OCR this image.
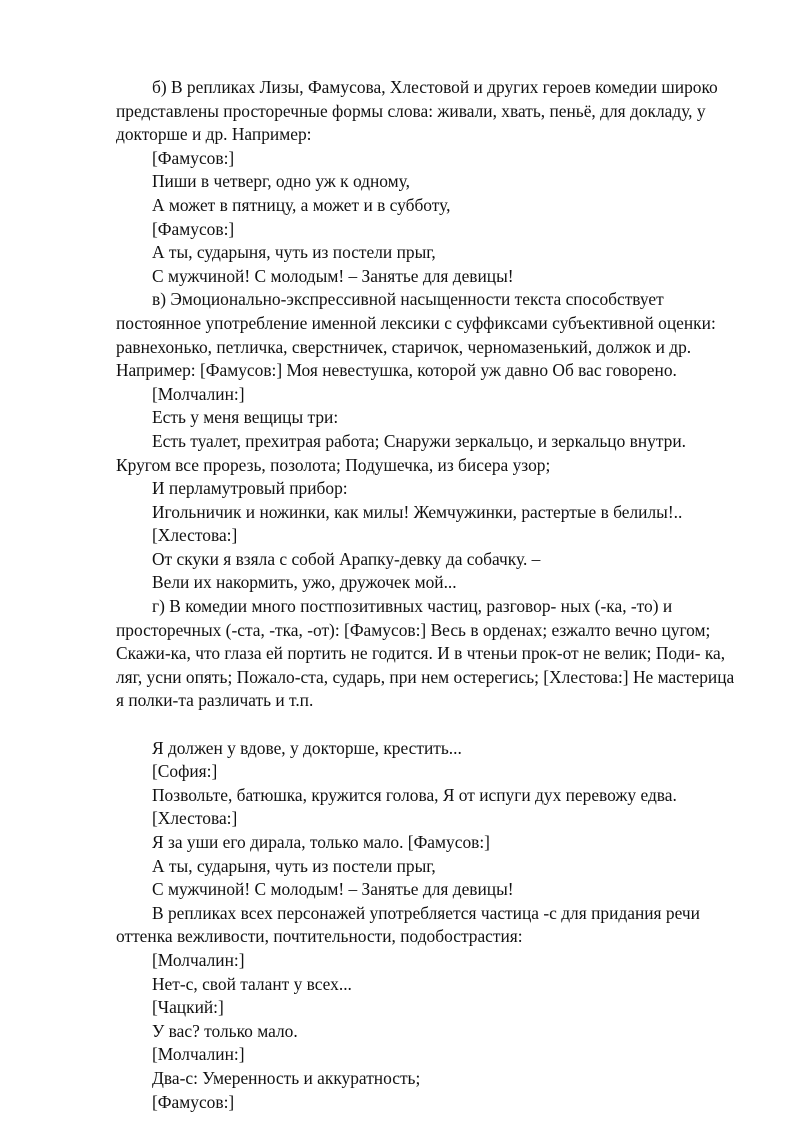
б) В репликах Лизы, Фамусова, Хлестовой и других героев комедии широко представлены просторечные формы слова: живали, хвать, пеньё, для докладу, у докторше и др. Например:

[Фамусов:]

Пиши в четверг, одно уж к одному,

А может в пятницу, а может и в субботу,

[Фамусов:]

А ты, сударыня, чуть из постели прыг,

С мужчиной! С молодым! – Занятье для девицы!

в) Эмоционально-экспрессивной насыщенности текста способствует постоянное употребление именной лексики с суффиксами субъективной оценки: равнехонько, петличка, сверстничек, старичок, черномазенький, должок и др. Например: [Фамусов:] Моя невестушка, которой уж давно Об вас говорено.

[Молчалин:]

Есть у меня вещицы три:

Есть туалет, прехитрая работа; Снаружи зеркальцо, и зеркальцо внутри. Кругом все прорезь, позолота; Подушечка, из бисера узор;

И перламутровый прибор:

Игольничик и ножинки, как милы! Жемчужинки, растертые в белилы!..

[Хлестова:]

От скуки я взяла с собой Арапку-девку да собачку. –

Вели их накормить, ужо, дружочек мой...

г) В комедии много постпозитивных частиц, разговор- ных (-ка, -то) и просторечных (-ста, -тка, -от): [Фамусов:] Весь в орденах; езжалто вечно цугом; Скажи-ка, что глаза ей портить не годится. И в чтеньи прок-от не велик; Поди- ка, ляг, усни опять; Пожало-ста, сударь, при нем остерегись; [Хлестова:] Не мастерица я полки-та различать и т.п.

Я должен у вдове, у докторше, крестить...

[София:]

Позвольте, батюшка, кружится голова, Я от испуги дух перевожу едва.

[Хлестова:]

Я за уши его дирала, только мало. [Фамусов:]

А ты, сударыня, чуть из постели прыг,

С мужчиной! С молодым! – Занятье для девицы!

В репликах всех персонажей употребляется частица -с для придания речи оттенка вежливости, почтительности, подобострастия:

[Молчалин:]

Нет-с, свой талант у всех...

[Чацкий:]

У вас? только мало.

[Молчалин:]

Два-с: Умеренность и аккуратность;

[Фамусов:]
